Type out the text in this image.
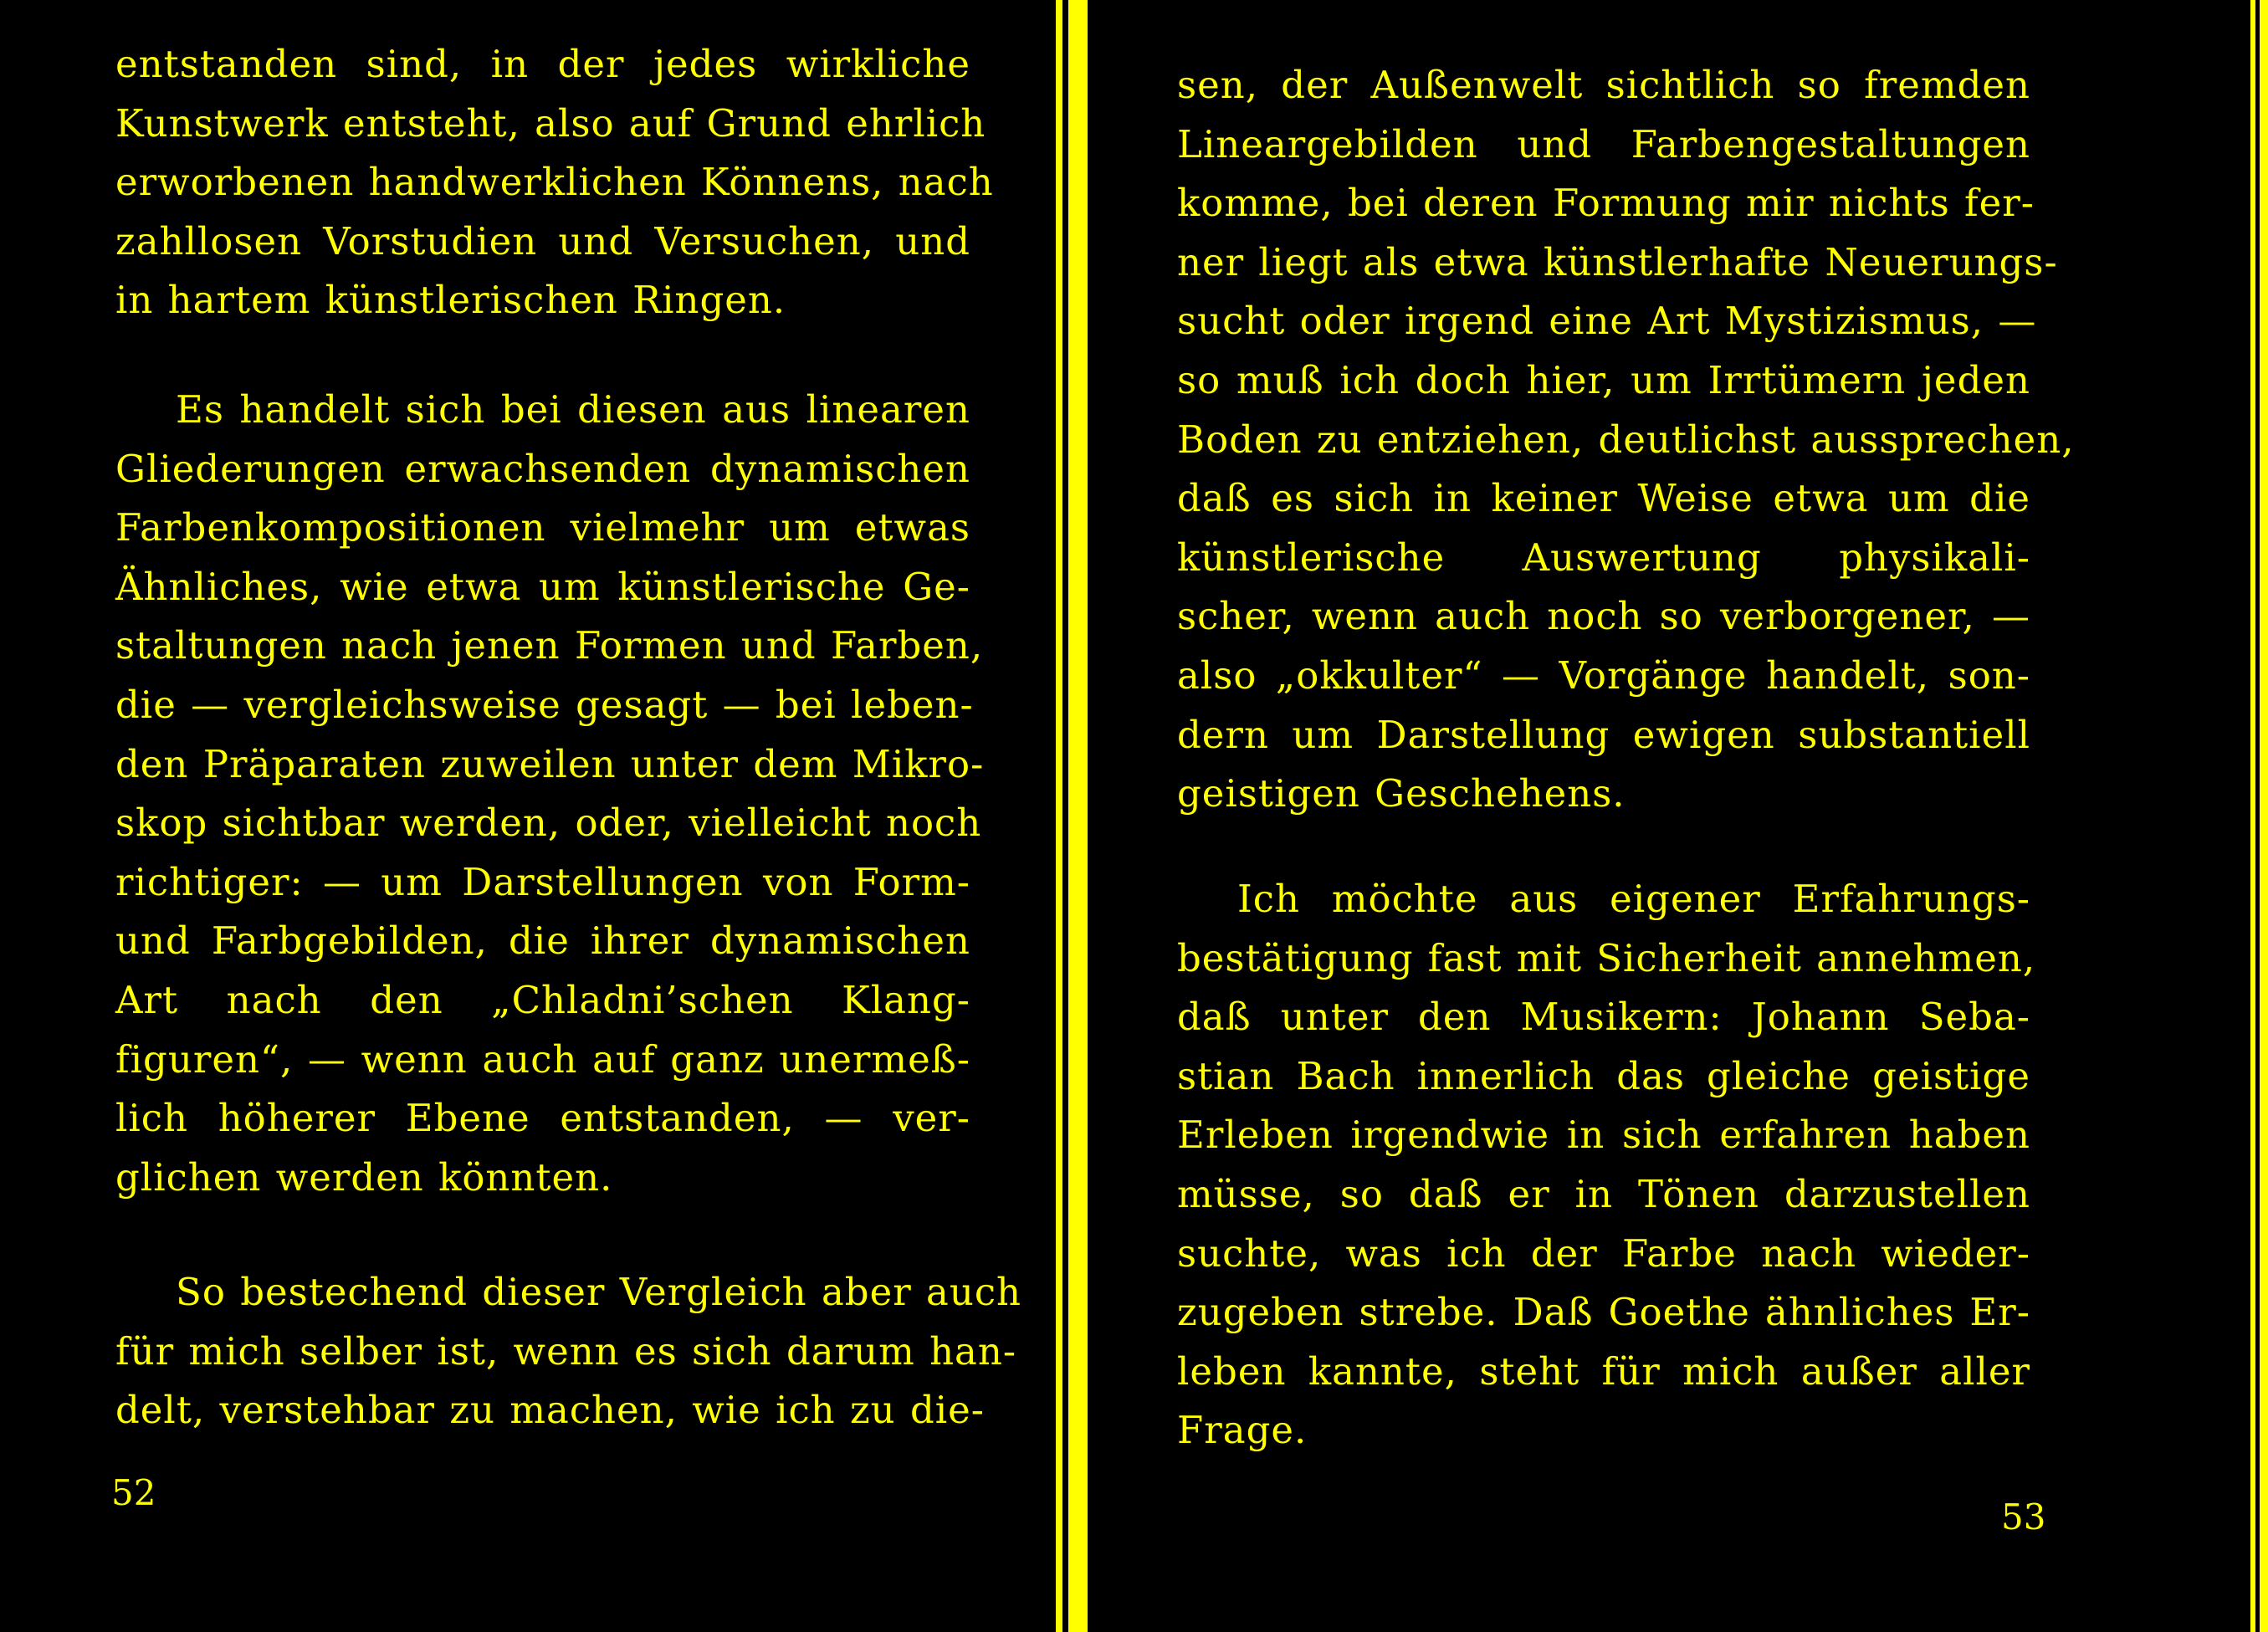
entstanden sind, in der jedes wirkliche
Kunstwerk entsteht, also auf Grund ehrlich
erworbenen handwerklichen Könnens, nach
zahllosen Vorstudien und Versuchen, und
in hartem künstlerischen Ringen.
Es handelt sich bei diesen aus linearen
Gliederungen erwachsenden dynamischen
Farbenkompositionen vielmehr um etwas
Ähnliches, wie etwa um künstlerische Ge-
staltungen nach jenen Formen und Farben,
die — vergleichsweise gesagt — bei leben-
den Präparaten zuweilen unter dem Mikro-
skop sichtbar werden, oder, vielleicht noch
richtiger: — um Darstellungen von Form-
und Farbgebilden, die ihrer dynamischen
Art nach den „Chladni’schen Klang-
figuren“, — wenn auch auf ganz unermeß-
lich höherer Ebene entstanden, — ver-
glichen werden könnten.
So bestechend dieser Vergleich aber auch
für mich selber ist, wenn es sich darum han-
delt, verstehbar zu machen, wie ich zu die-
52
sen, der Außenwelt sichtlich so fremden
Lineargebilden und Farbengestaltungen
komme, bei deren Formung mir nichts fer-
ner liegt als etwa künstlerhafte Neuerungs-
sucht oder irgend eine Art Mystizismus, —
so muß ich doch hier, um Irrtümern jeden
Boden zu entziehen, deutlichst aussprechen,
daß es sich in keiner Weise etwa um die
künstlerische Auswertung physikali-
scher, wenn auch noch so verborgener, —
also „okkulter“ — Vorgänge handelt, son-
dern um Darstellung ewigen substantiell
geistigen Geschehens.
Ich möchte aus eigener Erfahrungs-
bestätigung fast mit Sicherheit annehmen,
daß unter den Musikern: Johann Seba-
stian Bach innerlich das gleiche geistige
Erleben irgendwie in sich erfahren haben
müsse, so daß er in Tönen darzustellen
suchte, was ich der Farbe nach wieder-
zugeben strebe. Daß Goethe ähnliches Er-
leben kannte, steht für mich außer aller
Frage.
53
